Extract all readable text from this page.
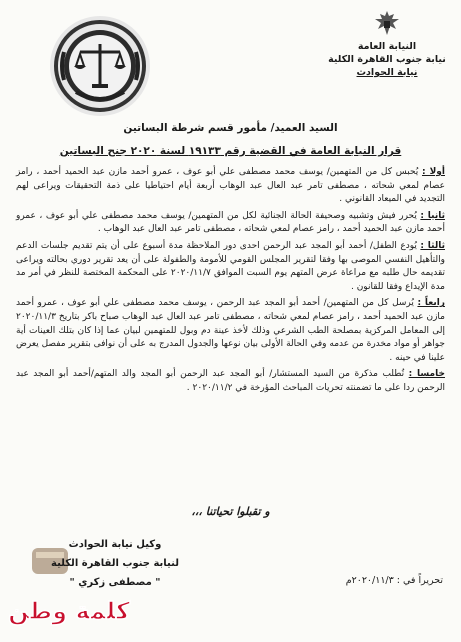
النيابة العامة
نيابة جنوب القاهرة الكلية
نيابة الحوادث
السيد العميد/ مأمور قسم شرطة البساتين
قرار النيابة العامة في القضية رقم ١٩١٣٣ لسنة ٢٠٢٠ جنح البساتين

أولا : يُحبس كل من المتهمين/ يوسف محمد مصطفى علي أبو عوف ، عمرو أحمد مازن عبد الحميد أحمد ، رامز عصام لمعي شحاته ، مصطفى تامر عبد العال عبد الوهاب أربعة أيام احتياطيا على ذمة التحقيقات ويراعى لهم التجديد في الميعاد القانوني .

ثانيا : يُحرر فيش وتشبيه وصحيفة الحالة الجنائية لكل من المتهمين/ يوسف محمد مصطفى علي أبو عوف ، عمرو أحمد مازن عبد الحميد أحمد ، رامز عصام لمعي شحاته ، مصطفى تامر عبد العال عبد الوهاب .

ثالثا : يُودع الطفل/ أحمد أبو المجد عبد الرحمن احدى دور الملاحظة مدة أسبوع على أن يتم تقديم جلسات الدعم والتأهيل النفسي الموصى بها وفقا لتقرير المجلس القومي للأمومة والطفولة على أن يعد تقرير دوري بحالته ويراعى تقديمه حال طلبه مع مراعاة عرض المتهم يوم السبت الموافق ٢٠٢٠/١١/٧ على المحكمة المختصة للنظر في أمر مد مدة الإيداع وفقا للقانون .

رابعاً : يُرسل كل من المتهمين/ أحمد أبو المجد عبد الرحمن ، يوسف محمد مصطفى علي أبو عوف ، عمرو أحمد مازن عبد الحميد أحمد ، رامز عصام لمعي شحاته ، مصطفى تامر عبد العال عبد الوهاب صباح باكر بتاريخ ٢٠٢٠/١١/٣ إلى المعامل المركزية بمصلحة الطب الشرعي وذلك لأخذ عينة دم وبول للمتهمين لبيان عما إذا كان بتلك العينات أية جواهر أو مواد مخدرة من عدمه وفي الحالة الأولى بيان نوعها والجدول المدرج به على أن نوافى بتقرير مفصل يعرض علينا في حينه .

خامسا : تُطلب مذكرة من السيد المستشار/ أبو المجد عبد الرحمن أبو المجد والد المتهم/أحمد أبو المجد عبد الرحمن ردا على ما تضمنته تحريات المباحث المؤرخة في ٢٠٢٠/١١/٢ .

و تقبلوا تحياتنا ،،،
وكيل نيابة الحوادث
لنيابة جنوب القاهرة الكلية
" مصطفى زكري "	تحريراً في : ٢٠٢٠/١١/٣م
كلمة وطن
